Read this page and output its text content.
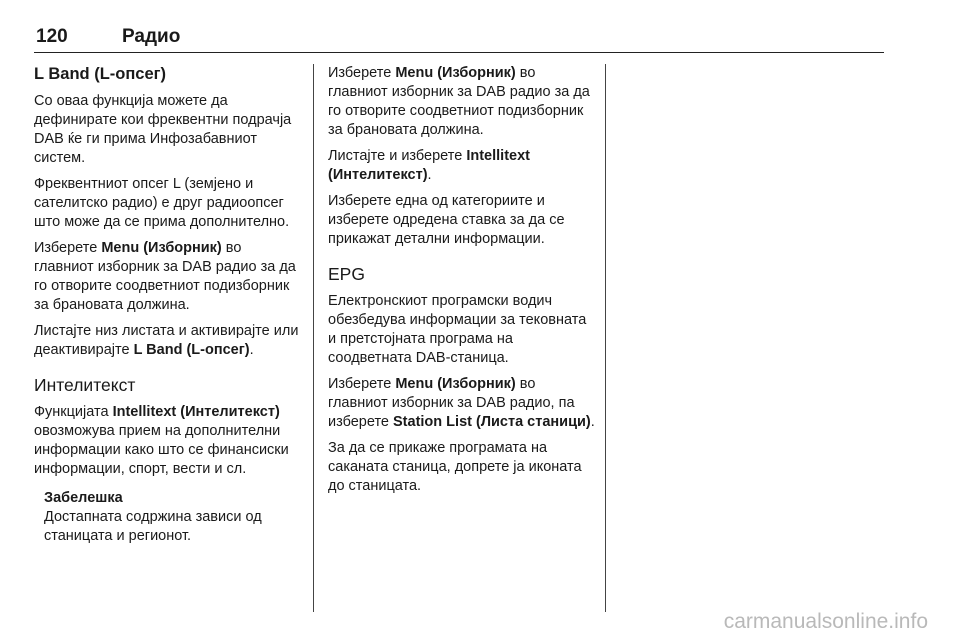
120	Радио
L Band (L-опсег)

Со оваа функција можете да дефинирате кои фреквентни подрачја DAB ќе ги прима Инфозабавниот систем.

Фреквентниот опсег L (земјено и сателитско радио) е друг радиоопсег што може да се прима дополнително.

Изберете Menu (Изборник) во главниот изборник за DAB радио за да го отворите соодветниот подизборник за брановата должина.

Листајте низ листата и активирајте или деактивирајте L Band (L-опсег).

Интелитекст

Функцијата Intellitext (Интелитекст) овозможува прием на дополнителни информации како што се финансиски информации, спорт, вести и сл.

Забелешка
Достапната содржина зависи од станицата и регионот.

Изберете Menu (Изборник) во главниот изборник за DAB радио за да го отворите соодветниот подизборник за брановата должина.

Листајте и изберете Intellitext (Интелитекст).

Изберете една од категориите и изберете одредена ставка за да се прикажат детални информации.

EPG

Електронскиот програмски водич обезбедува информации за тековната и претстојната програма на соодветната DAB-станица.

Изберете Menu (Изборник) во главниот изборник за DAB радио, па изберете Station List (Листа станици).

За да се прикаже програмата на саканата станица, допрете ја иконата до станицата.

carmanualsonline.info
